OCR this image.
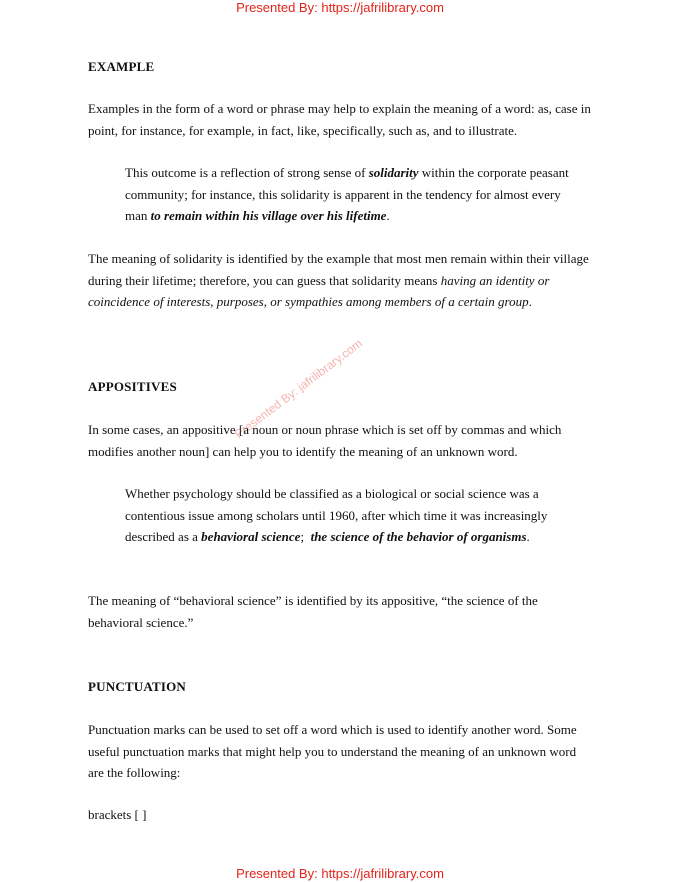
Presented By: https://jafrilibrary.com
Presented By: jafrilibrary.com
EXAMPLE
Examples in the form of a word or phrase may help to explain the meaning of a word: as, case in point, for instance, for example, in fact, like, specifically, such as, and to illustrate.
This outcome is a reflection of strong sense of solidarity within the corporate peasant community; for instance, this solidarity is apparent in the tendency for almost every man to remain within his village over his lifetime.
The meaning of solidarity is identified by the example that most men remain within their village during their lifetime; therefore, you can guess that solidarity means having an identity or coincidence of interests, purposes, or sympathies among members of a certain group.
APPOSITIVES
In some cases, an appositive [a noun or noun phrase which is set off by commas and which modifies another noun] can help you to identify the meaning of an unknown word.
Whether psychology should be classified as a biological or social science was a contentious issue among scholars until 1960, after which time it was increasingly described as a behavioral science;  the science of the behavior of organisms.
The meaning of “behavioral science” is identified by its appositive, “the science of the behavioral science.”
PUNCTUATION
Punctuation marks can be used to set off a word which is used to identify another word. Some useful punctuation marks that might help you to understand the meaning of an unknown word are the following:
brackets [ ]
Presented By: https://jafrilibrary.com
